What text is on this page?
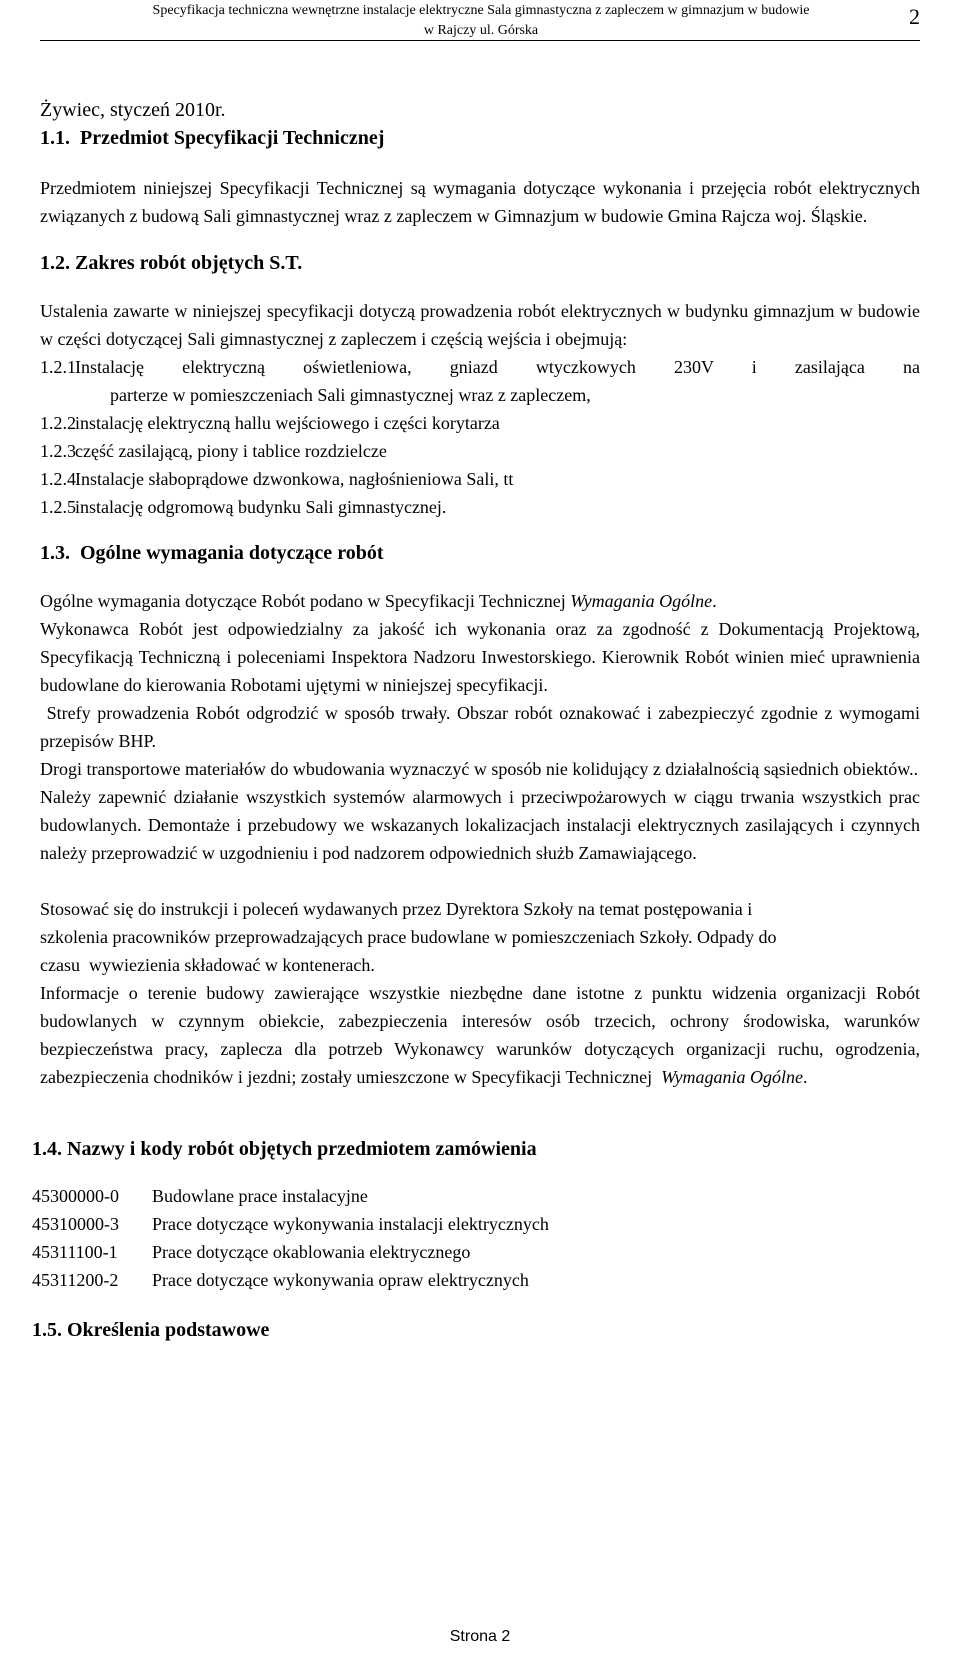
Specyfikacja techniczna wewnętrzne instalacje elektryczne Sala gimnastyczna z zapleczem w gimnazjum w budowie
w Rajczy ul. Górska
2

Żywiec, styczeń 2010r.

1.1. Przedmiot Specyfikacji Technicznej

Przedmiotem niniejszej Specyfikacji Technicznej są wymagania dotyczące wykonania i przejęcia robót elektrycznych związanych z budową Sali gimnastycznej wraz z zapleczem w Gimnazjum w budowie Gmina Rajcza woj. Śląskie.

1.2. Zakres robót objętych S.T.

Ustalenia zawarte w niniejszej specyfikacji dotyczą prowadzenia robót elektrycznych w budynku gimnazjum w budowie w części dotyczącej Sali gimnastycznej z zapleczem i częścią wejścia i obejmują:

1.2.1 Instalację elektryczną oświetleniowa, gniazd wtyczkowych 230V i zasilająca na
parterze w pomieszczeniach Sali gimnastycznej wraz z zapleczem,
1.2.2 instalację elektryczną hallu wejściowego i części korytarza
1.2.3 część zasilającą, piony i tablice rozdzielcze
1.2.4 Instalacje słaboprądowe dzwonkowa, nagłośnieniowa Sali, tt
1.2.5 instalację odgromową budynku Sali gimnastycznej.

1.3. Ogólne wymagania dotyczące robót

Ogólne wymagania dotyczące Robót podano w Specyfikacji Technicznej Wymagania Ogólne.

Wykonawca Robót jest odpowiedzialny za jakość ich wykonania oraz za zgodność z Dokumentacją Projektową, Specyfikacją Techniczną i poleceniami Inspektora Nadzoru Inwestorskiego. Kierownik Robót winien mieć uprawnienia budowlane do kierowania Robotami ujętymi w niniejszej specyfikacji.

Strefy prowadzenia Robót odgrodzić w sposób trwały. Obszar robót oznakować i zabezpieczyć zgodnie z wymogami przepisów BHP.

Drogi transportowe materiałów do wbudowania wyznaczyć w sposób nie kolidujący z działalnością sąsiednich obiektów..

Należy zapewnić działanie wszystkich systemów alarmowych i przeciwpożarowych w ciągu trwania wszystkich prac budowlanych. Demontaże i przebudowy we wskazanych lokalizacjach instalacji elektrycznych zasilających i czynnych należy przeprowadzić w uzgodnieniu i pod nadzorem odpowiednich służb Zamawiającego.

Stosować się do instrukcji i poleceń wydawanych przez Dyrektora Szkoły na temat postępowania i
szkolenia pracowników przeprowadzających prace budowlane w pomieszczeniach Szkoły. Odpady do
czasu  wywiezienia składować w kontenerach.

Informacje o terenie budowy zawierające wszystkie niezbędne dane istotne z punktu widzenia organizacji Robót budowlanych w czynnym obiekcie, zabezpieczenia interesów osób trzecich, ochrony środowiska, warunków bezpieczeństwa pracy, zaplecza dla potrzeb Wykonawcy warunków dotyczących organizacji ruchu, ogrodzenia, zabezpieczenia chodników i jezdni; zostały umieszczone w Specyfikacji Technicznej  Wymagania Ogólne.

1.4. Nazwy i kody robót objętych przedmiotem zamówienia

45300000-0	Budowlane prace instalacyjne
45310000-3	Prace dotyczące wykonywania instalacji elektrycznych
45311100-1	Prace dotyczące okablowania elektrycznego
45311200-2	Prace dotyczące wykonywania opraw elektrycznych

1.5. Określenia podstawowe

Strona 2
